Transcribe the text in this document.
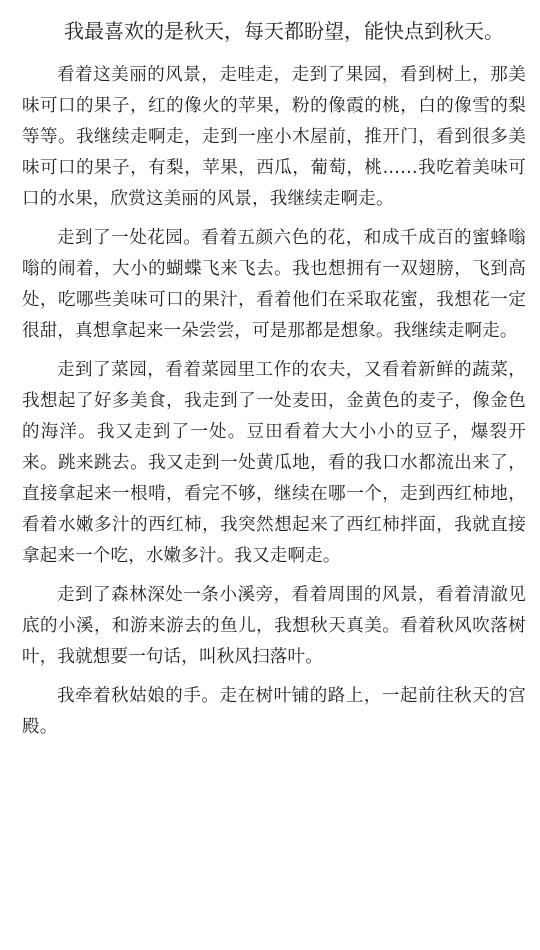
我最喜欢的是秋天，每天都盼望，能快点到秋天。

看着这美丽的风景，走哇走，走到了果园，看到树上，那美味可口的果子，红的像火的苹果，粉的像霞的桃，白的像雪的梨等等。我继续走啊走，走到一座小木屋前，推开门，看到很多美味可口的果子，有梨，苹果，西瓜，葡萄，桃……我吃着美味可口的水果，欣赏这美丽的风景，我继续走啊走。

走到了一处花园。看着五颜六色的花，和成千成百的蜜蜂嗡嗡的闹着，大小的蝴蝶飞来飞去。我也想拥有一双翅膀，飞到高处，吃哪些美味可口的果汁，看着他们在采取花蜜，我想花一定很甜，真想拿起来一朵尝尝，可是那都是想象。我继续走啊走。

走到了菜园，看着菜园里工作的农夫，又看着新鲜的蔬菜，我想起了好多美食，我走到了一处麦田，金黄色的麦子，像金色的海洋。我又走到了一处。豆田看着大大小小的豆子，爆裂开来。跳来跳去。我又走到一处黄瓜地，看的我口水都流出来了，直接拿起来一根啃，看完不够，继续在哪一个，走到西红柿地，看着水嫩多汁的西红柿，我突然想起来了西红柿拌面，我就直接拿起来一个吃，水嫩多汁。我又走啊走。

走到了森林深处一条小溪旁，看着周围的风景，看着清澈见底的小溪，和游来游去的鱼儿，我想秋天真美。看着秋风吹落树叶，我就想要一句话，叫秋风扫落叶。

我牵着秋姑娘的手。走在树叶铺的路上，一起前往秋天的宫殿。
